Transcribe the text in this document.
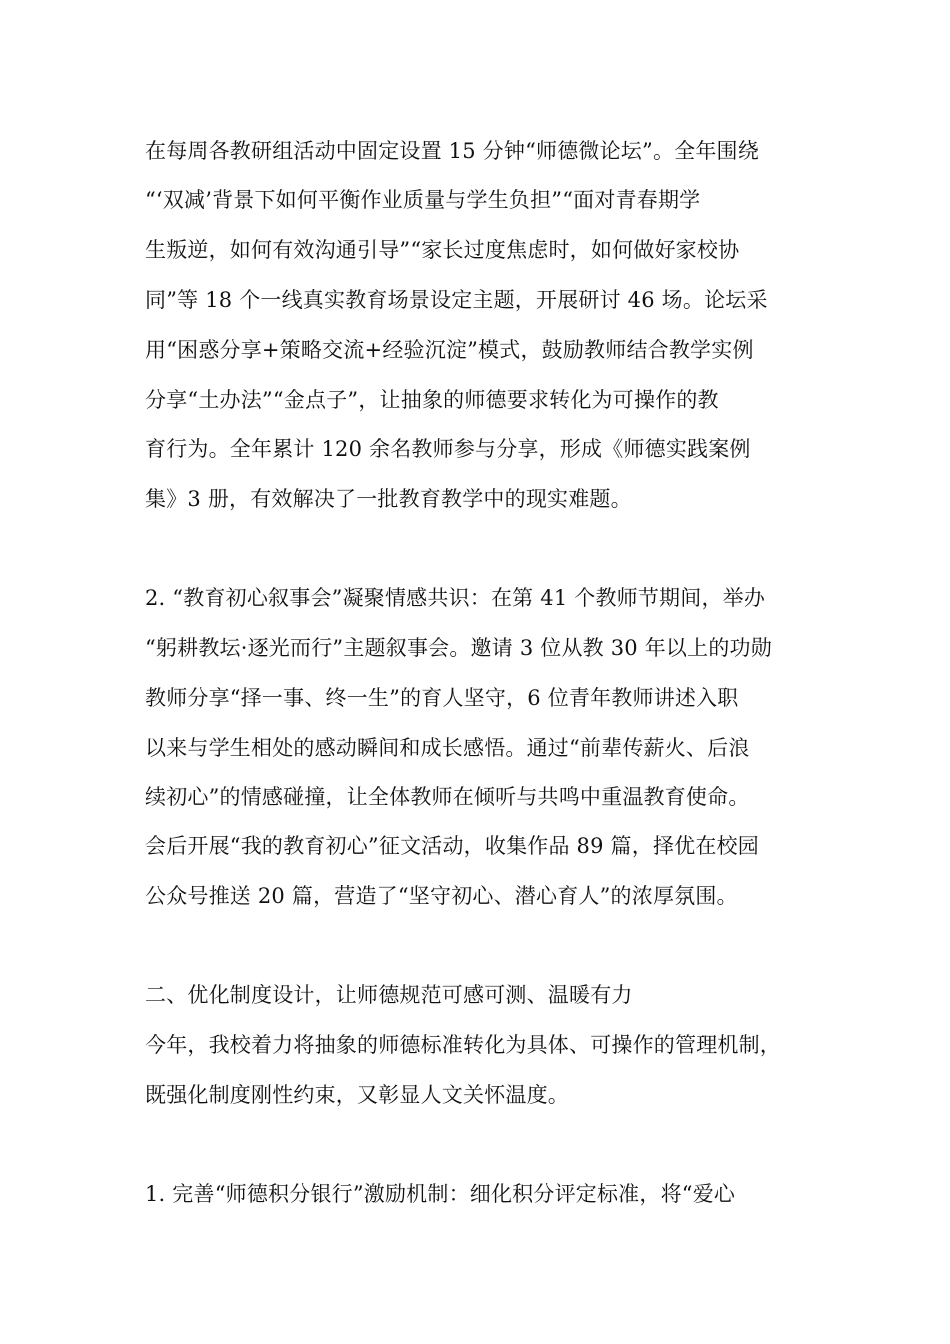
在每周各教研组活动中固定设置 15 分钟“师德微论坛”。全年围绕
“‘双减’背景下如何平衡作业质量与学生负担”“面对青春期学
生叛逆，如何有效沟通引导”“家长过度焦虑时，如何做好家校协
同”等 18 个一线真实教育场景设定主题，开展研讨 46 场。论坛采
用“困惑分享+策略交流+经验沉淀”模式，鼓励教师结合教学实例
分享“土办法”“金点子”，让抽象的师德要求转化为可操作的教
育行为。全年累计 120 余名教师参与分享，形成《师德实践案例
集》3 册，有效解决了一批教育教学中的现实难题。
2. “教育初心叙事会”凝聚情感共识：在第 41 个教师节期间，举办
“躬耕教坛·逐光而行”主题叙事会。邀请 3 位从教 30 年以上的功勋
教师分享“择一事、终一生”的育人坚守，6 位青年教师讲述入职
以来与学生相处的感动瞬间和成长感悟。通过“前辈传薪火、后浪
续初心”的情感碰撞，让全体教师在倾听与共鸣中重温教育使命。
会后开展“我的教育初心”征文活动，收集作品 89 篇，择优在校园
公众号推送 20 篇，营造了“坚守初心、潜心育人”的浓厚氛围。
二、优化制度设计，让师德规范可感可测、温暖有力
今年，我校着力将抽象的师德标准转化为具体、可操作的管理机制，
既强化制度刚性约束，又彰显人文关怀温度。
1. 完善“师德积分银行”激励机制：细化积分评定标准，将“爱心
